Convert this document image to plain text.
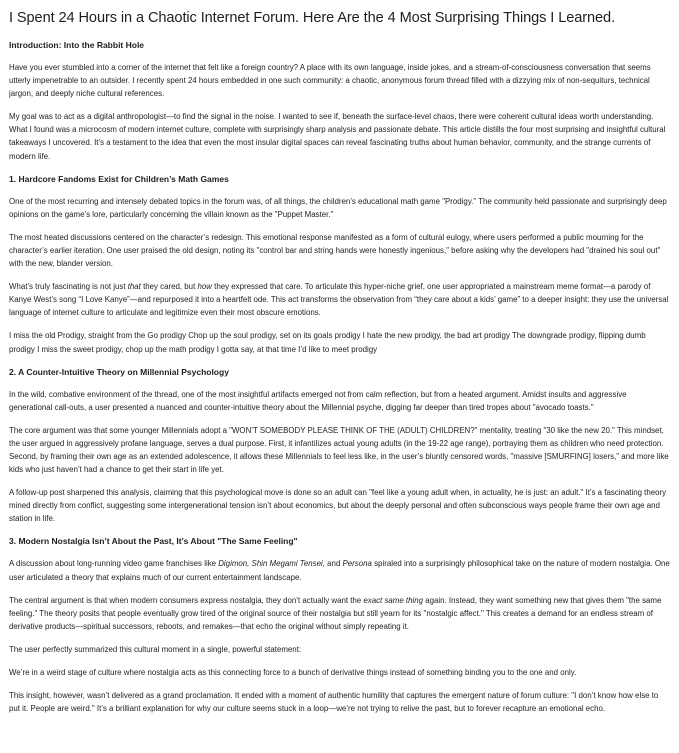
I Spent 24 Hours in a Chaotic Internet Forum. Here Are the 4 Most Surprising Things I Learned.
Introduction: Into the Rabbit Hole

Have you ever stumbled into a corner of the internet that felt like a foreign country? A place with its own language, inside jokes, and a stream-of-consciousness conversation that seems utterly impenetrable to an outsider. I recently spent 24 hours embedded in one such community: a chaotic, anonymous forum thread filled with a dizzying mix of non-sequiturs, technical jargon, and deeply niche cultural references.

My goal was to act as a digital anthropologist—to find the signal in the noise. I wanted to see if, beneath the surface-level chaos, there were coherent cultural ideas worth understanding. What I found was a microcosm of modern internet culture, complete with surprisingly sharp analysis and passionate debate. This article distills the four most surprising and insightful cultural takeaways I uncovered. It’s a testament to the idea that even the most insular digital spaces can reveal fascinating truths about human behavior, community, and the strange currents of modern life.

1. Hardcore Fandoms Exist for Children’s Math Games

One of the most recurring and intensely debated topics in the forum was, of all things, the children’s educational math game "Prodigy." The community held passionate and surprisingly deep opinions on the game’s lore, particularly concerning the villain known as the "Puppet Master."

The most heated discussions centered on the character’s redesign. This emotional response manifested as a form of cultural eulogy, where users performed a public mourning for the character’s earlier iteration. One user praised the old design, noting its "control bar and string hands were honestly ingenious," before asking why the developers had "drained his soul out" with the new, blander version.

What’s truly fascinating is not just that they cared, but how they expressed that care. To articulate this hyper-niche grief, one user appropriated a mainstream meme format—a parody of Kanye West’s song “I Love Kanye”—and repurposed it into a heartfelt ode. This act transforms the observation from “they care about a kids’ game” to a deeper insight: they use the universal language of internet culture to articulate and legitimize even their most obscure emotions.

I miss the old Prodigy, straight from the Go prodigy Chop up the soul prodigy, set on its goals prodigy I hate the new prodigy, the bad art prodigy The downgrade prodigy, flipping dumb prodigy I miss the sweet prodigy, chop up the math prodigy I gotta say, at that time I’d like to meet prodigy

2. A Counter-Intuitive Theory on Millennial Psychology

In the wild, combative environment of the thread, one of the most insightful artifacts emerged not from calm reflection, but from a heated argument. Amidst insults and aggressive generational call-outs, a user presented a nuanced and counter-intuitive theory about the Millennial psyche, digging far deeper than tired tropes about "avocado toasts."

The core argument was that some younger Millennials adopt a "WON’T SOMEBODY PLEASE THINK OF THE (ADULT) CHILDREN?" mentality, treating "30 like the new 20." This mindset, the user argued in aggressively profane language, serves a dual purpose. First, it infantilizes actual young adults (in the 19-22 age range), portraying them as children who need protection. Second, by framing their own age as an extended adolescence, it allows these Millennials to feel less like, in the user’s bluntly censored words, "massive [SMURFING] losers," and more like kids who just haven’t had a chance to get their start in life yet.

A follow-up post sharpened this analysis, claiming that this psychological move is done so an adult can "feel like a young adult when, in actuality, he is just: an adult." It’s a fascinating theory mined directly from conflict, suggesting some intergenerational tension isn’t about economics, but about the deeply personal and often subconscious ways people frame their own age and station in life.

3. Modern Nostalgia Isn’t About the Past, It’s About "The Same Feeling"

A discussion about long-running video game franchises like Digimon, Shin Megami Tensei, and Persona spiraled into a surprisingly philosophical take on the nature of modern nostalgia. One user articulated a theory that explains much of our current entertainment landscape.

The central argument is that when modern consumers express nostalgia, they don’t actually want the exact same thing again. Instead, they want something new that gives them "the same feeling." The theory posits that people eventually grow tired of the original source of their nostalgia but still yearn for its "nostalgic affect." This creates a demand for an endless stream of derivative products—spiritual successors, reboots, and remakes—that echo the original without simply repeating it.

The user perfectly summarized this cultural moment in a single, powerful statement:

We’re in a weird stage of culture where nostalgia acts as this connecting force to a bunch of derivative things instead of something binding you to the one and only.

This insight, however, wasn’t delivered as a grand proclamation. It ended with a moment of authentic humility that captures the emergent nature of forum culture: "I don’t know how else to put it. People are weird." It’s a brilliant explanation for why our culture seems stuck in a loop—we’re not trying to relive the past, but to forever recapture an emotional echo.
